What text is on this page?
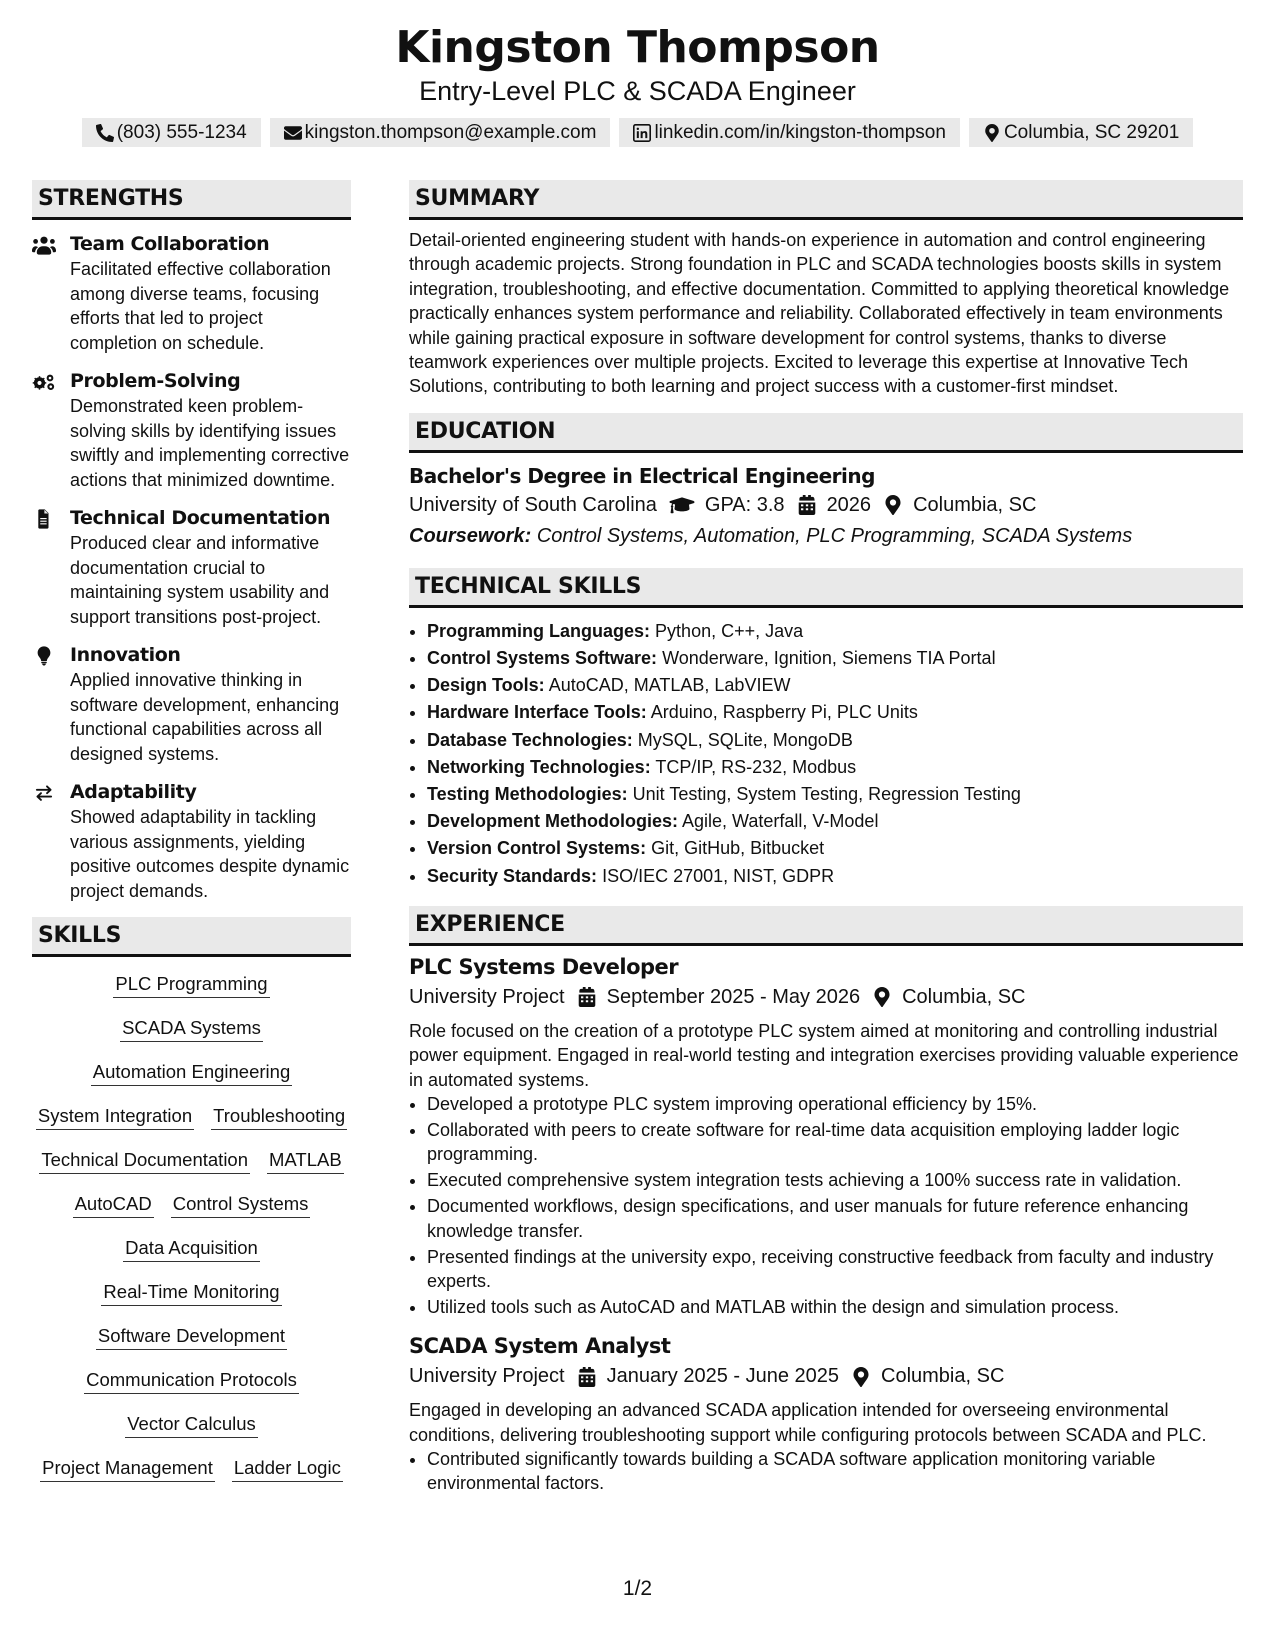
Kingston Thompson
Entry-Level PLC & SCADA Engineer
(803) 555-1234	kingston.thompson@example.com	linkedin.com/in/kingston-thompson	Columbia, SC 29201
STRENGTHS
Team Collaboration
Facilitated effective collaboration among diverse teams, focusing efforts that led to project completion on schedule.
Problem-Solving
Demonstrated keen problem-solving skills by identifying issues swiftly and implementing corrective actions that minimized downtime.
Technical Documentation
Produced clear and informative documentation crucial to maintaining system usability and support transitions post-project.
Innovation
Applied innovative thinking in software development, enhancing functional capabilities across all designed systems.
Adaptability
Showed adaptability in tackling various assignments, yielding positive outcomes despite dynamic project demands.
SKILLS
PLC Programming
SCADA Systems
Automation Engineering
System Integration Troubleshooting
Technical Documentation MATLAB
AutoCAD Control Systems
Data Acquisition
Real-Time Monitoring
Software Development
Communication Protocols
Vector Calculus
Project Management Ladder Logic
SUMMARY
Detail-oriented engineering student with hands-on experience in automation and control engineering through academic projects. Strong foundation in PLC and SCADA technologies boosts skills in system integration, troubleshooting, and effective documentation. Committed to applying theoretical knowledge practically enhances system performance and reliability. Collaborated effectively in team environments while gaining practical exposure in software development for control systems, thanks to diverse teamwork experiences over multiple projects. Excited to leverage this expertise at Innovative Tech Solutions, contributing to both learning and project success with a customer-first mindset.
EDUCATION
Bachelor's Degree in Electrical Engineering
University of South Carolina GPA: 3.8 2026 Columbia, SC
Coursework: Control Systems, Automation, PLC Programming, SCADA Systems
TECHNICAL SKILLS
• Programming Languages: Python, C++, Java
• Control Systems Software: Wonderware, Ignition, Siemens TIA Portal
• Design Tools: AutoCAD, MATLAB, LabVIEW
• Hardware Interface Tools: Arduino, Raspberry Pi, PLC Units
• Database Technologies: MySQL, SQLite, MongoDB
• Networking Technologies: TCP/IP, RS-232, Modbus
• Testing Methodologies: Unit Testing, System Testing, Regression Testing
• Development Methodologies: Agile, Waterfall, V-Model
• Version Control Systems: Git, GitHub, Bitbucket
• Security Standards: ISO/IEC 27001, NIST, GDPR
EXPERIENCE
PLC Systems Developer
University Project September 2025 - May 2026 Columbia, SC
Role focused on the creation of a prototype PLC system aimed at monitoring and controlling industrial power equipment. Engaged in real-world testing and integration exercises providing valuable experience in automated systems.
• Developed a prototype PLC system improving operational efficiency by 15%.
• Collaborated with peers to create software for real-time data acquisition employing ladder logic programming.
• Executed comprehensive system integration tests achieving a 100% success rate in validation.
• Documented workflows, design specifications, and user manuals for future reference enhancing knowledge transfer.
• Presented findings at the university expo, receiving constructive feedback from faculty and industry experts.
• Utilized tools such as AutoCAD and MATLAB within the design and simulation process.
SCADA System Analyst
University Project January 2025 - June 2025 Columbia, SC
Engaged in developing an advanced SCADA application intended for overseeing environmental conditions, delivering troubleshooting support while configuring protocols between SCADA and PLC.
• Contributed significantly towards building a SCADA software application monitoring variable environmental factors.
1/2
